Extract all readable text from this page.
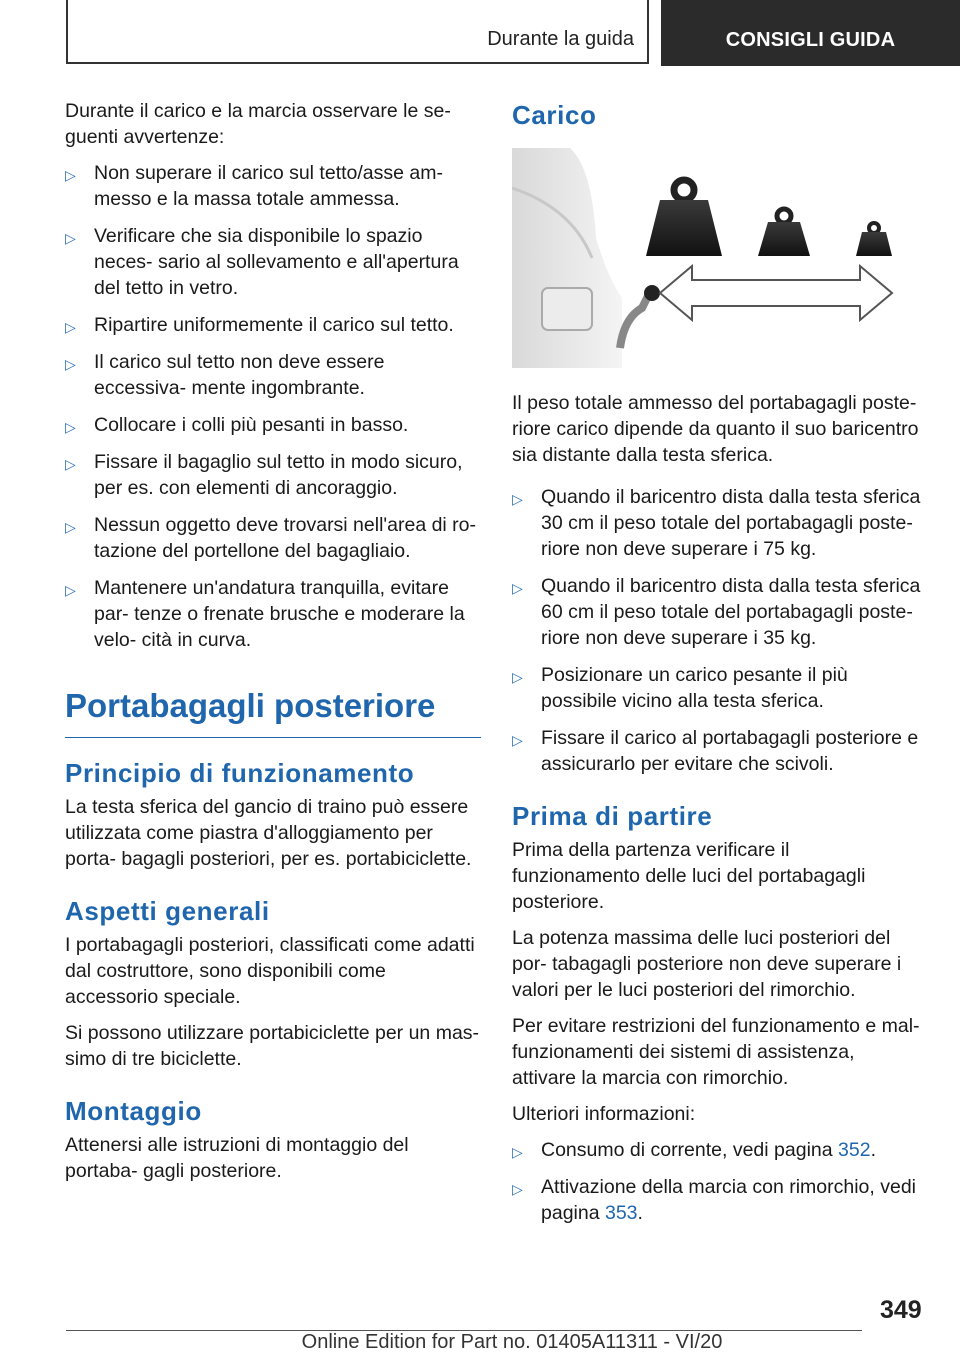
Durante la guida	CONSIGLI GUIDA

Durante il carico e la marcia osservare le se- guenti avvertenze:

▷ Non superare il carico sul tetto/asse am- messo e la massa totale ammessa.
▷ Verificare che sia disponibile lo spazio neces- sario al sollevamento e all'apertura del tetto in vetro.
▷ Ripartire uniformemente il carico sul tetto.
▷ Il carico sul tetto non deve essere eccessiva- mente ingombrante.
▷ Collocare i colli più pesanti in basso.
▷ Fissare il bagaglio sul tetto in modo sicuro, per es. con elementi di ancoraggio.
▷ Nessun oggetto deve trovarsi nell'area di ro- tazione del portellone del bagagliaio.
▷ Mantenere un'andatura tranquilla, evitare par- tenze o frenate brusche e moderare la velo- cità in curva.
Portabagagli posteriore
Principio di funzionamento

La testa sferica del gancio di traino può essere utilizzata come piastra d'alloggiamento per porta- bagagli posteriori, per es. portabiciclette.

Aspetti generali

I portabagagli posteriori, classificati come adatti dal costruttore, sono disponibili come accessorio speciale.

Si possono utilizzare portabiciclette per un mas- simo di tre biciclette.

Montaggio

Attenersi alle istruzioni di montaggio del portaba- gagli posteriore.

Carico

Il peso totale ammesso del portabagagli poste- riore carico dipende da quanto il suo baricentro sia distante dalla testa sferica.

▷ Quando il baricentro dista dalla testa sferica 30 cm il peso totale del portabagagli poste- riore non deve superare i 75 kg.
▷ Quando il baricentro dista dalla testa sferica 60 cm il peso totale del portabagagli poste- riore non deve superare i 35 kg.
▷ Posizionare un carico pesante il più possibile vicino alla testa sferica.
▷ Fissare il carico al portabagagli posteriore e assicurarlo per evitare che scivoli.
Prima di partire

Prima della partenza verificare il funzionamento delle luci del portabagagli posteriore.

La potenza massima delle luci posteriori del por- tabagagli posteriore non deve superare i valori per le luci posteriori del rimorchio.

Per evitare restrizioni del funzionamento e mal- funzionamenti dei sistemi di assistenza, attivare la marcia con rimorchio.

Ulteriori informazioni:

▷ Consumo di corrente, vedi pagina 352.
▷ Attivazione della marcia con rimorchio, vedi pagina 353.
349
Online Edition for Part no. 01405A11311 - VI/20
